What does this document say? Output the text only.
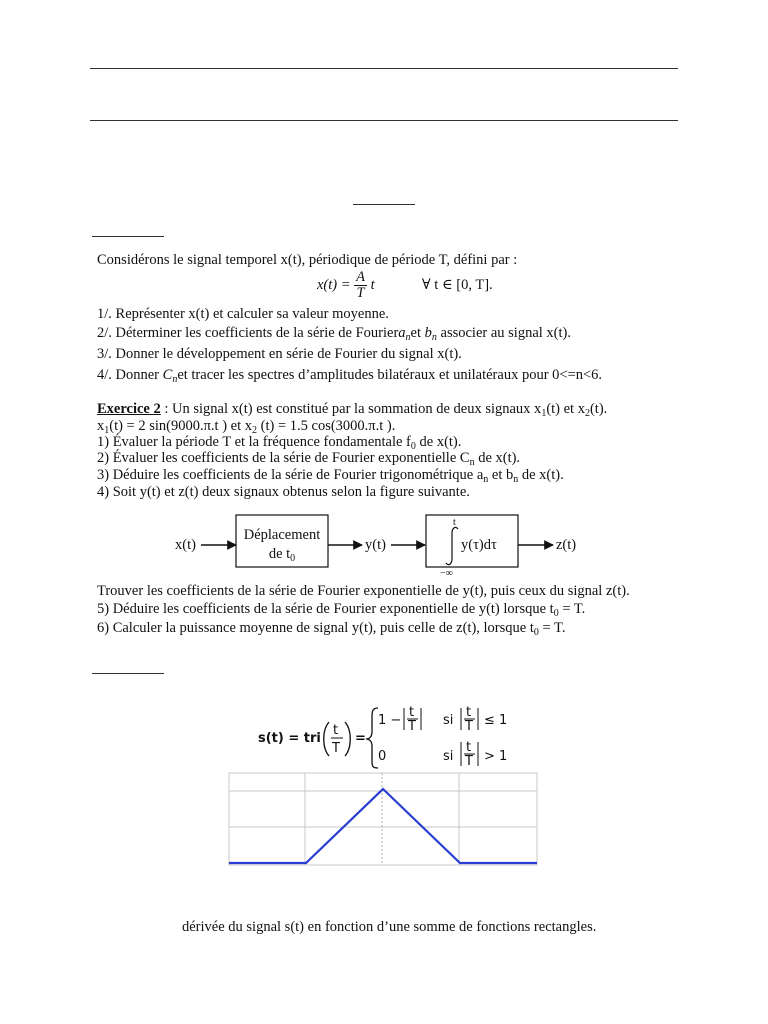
Considérons le signal temporel x(t), périodique de période T, défini par :

$x(t) = \frac{A}{T}$ t	∀ t ∈ [0, T].

1/. Représenter x(t) et calculer sa valeur moyenne.

2/. Déterminer les coefficients de la série de Fouriera$_n$et $b_n$ associer au signal x(t).

3/. Donner le développement en série de Fourier du signal x(t).

4/. Donner $C_net$ tracer les spectres d’amplitudes bilatéraux et unilatéraux pour 0<=n<6.

Exercice 2 : Un signal x(t) est constitué par la sommation de deux signaux $x_1(t)$ et $x_2(t)$.

$x_1(t) = 2$ sin(9000.π.t ) et $x_2$ (t) = 1.5 cos(3000.π.t ).

1) Évaluer la période T et la fréquence fondamentale $f_0$ de x(t).

2) Évaluer les coefficients de la série de Fourier exponentielle $C_n$ de x(t).

3) Déduire les coefficients de la série de Fourier trigonométrique $a_n$ et $b_n$ de x(t).

4) Soit y(t) et z(t) deux signaux obtenus selon la figure suivante.

x(t)
Déplacement
de $t_0$
y(t)
t
−∞
y(τ)dτ	z(t)

Trouver les coefficients de la série de Fourier exponentielle de y(t), puis ceux du signal z(t).

5) Déduire les coefficients de la série de Fourier exponentielle de y(t) lorsque $t_0 = T$.

6) Calculer la puissance moyenne de signal y(t), puis celle de z(t), lorsque $t_0 = T$.

s(t) = tri
t
T
=
1 −
t
T si
t
T ≤ 1
0	si
t
T > 1

dérivée du signal s(t) en fonction d’une somme de fonctions rectangles.
